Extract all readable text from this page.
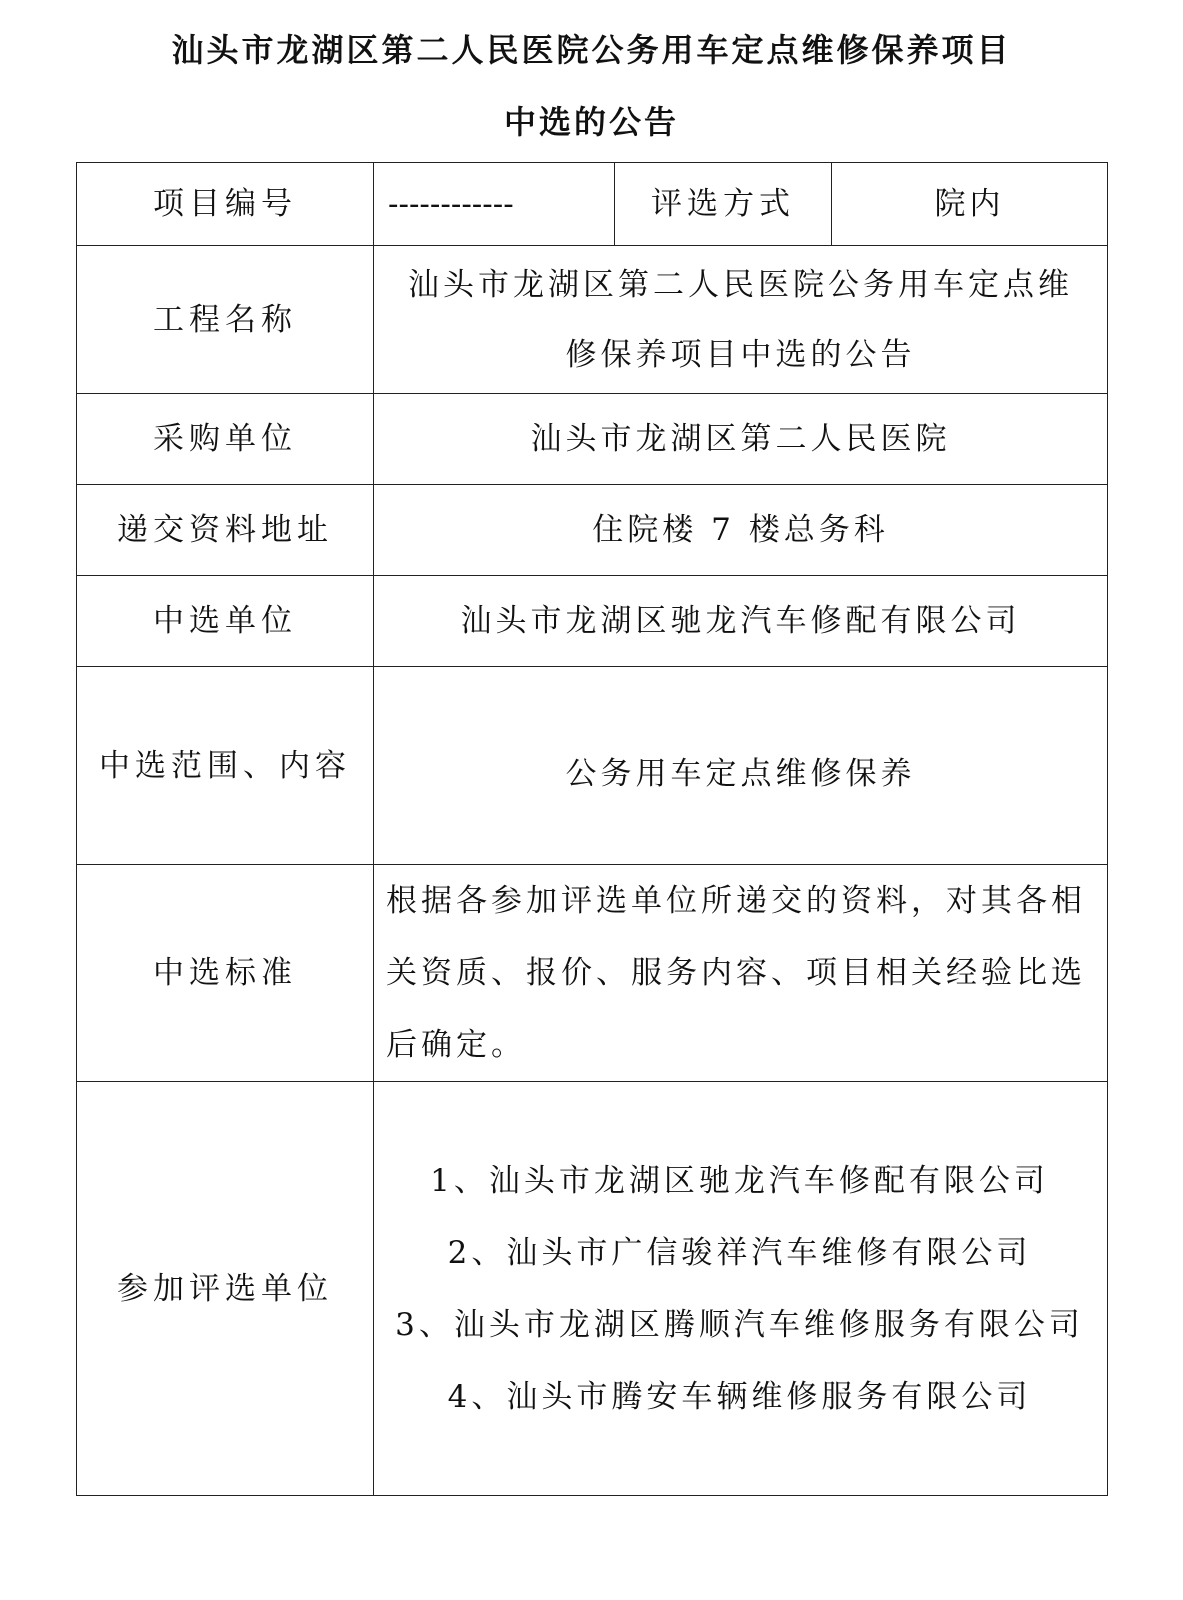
汕头市龙湖区第二人民医院公务用车定点维修保养项目
中选的公告
项目编号	------------	评选方式	院内
工程名称	汕头市龙湖区第二人民医院公务用车定点维
修保养项目中选的公告		

采购单位	汕头市龙湖区第二人民医院		
递交资料地址	住院楼 7 楼总务科		
中选单位	汕头市龙湖区驰龙汽车修配有限公司		
中选范围、内容	公务用车定点维修保养		
中选标准	根据各参加评选单位所递交的资料，对其各相
关资质、报价、服务内容、项目相关经验比选
后确定。		

参加评选单位	1、汕头市龙湖区驰龙汽车修配有限公司
2、汕头市广信骏祥汽车维修有限公司
3、汕头市龙湖区腾顺汽车维修服务有限公司
4、汕头市腾安车辆维修服务有限公司		
